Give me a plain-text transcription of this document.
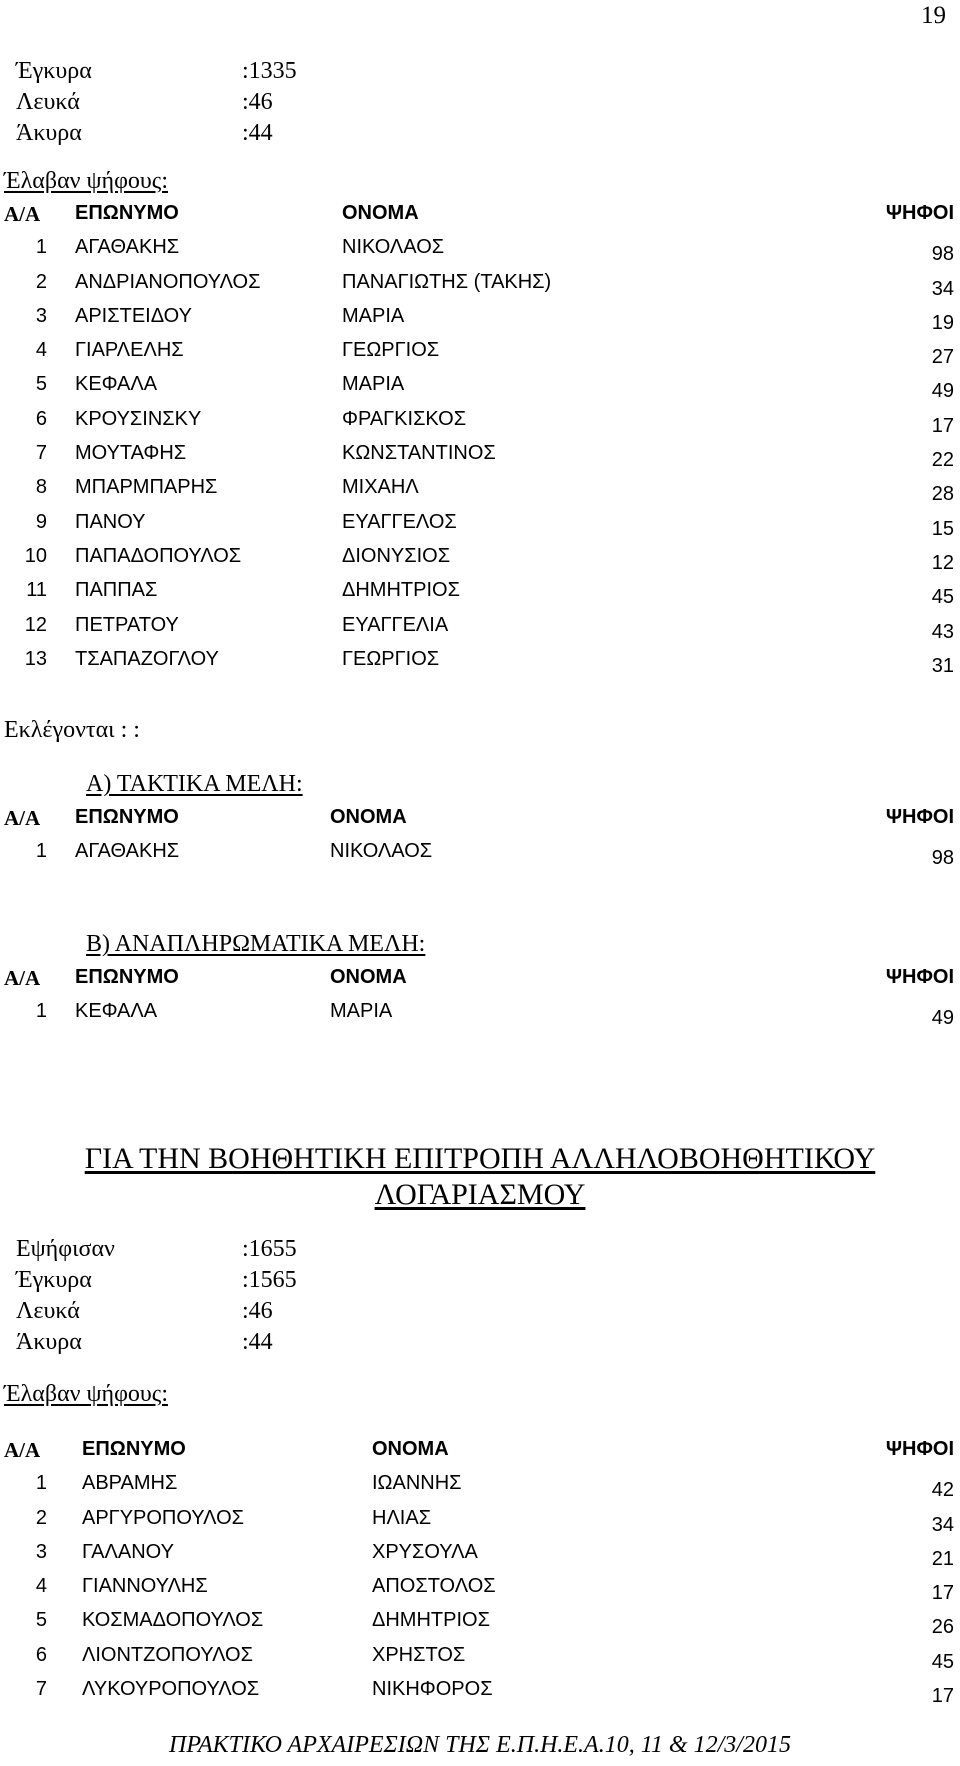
19
Έγκυρα	:1335
Λευκά	:46
Άκυρα	:44
Έλαβαν ψήφους:
Α/Α ΕΠΩΝΥΜΟ	ΟΝΟΜΑ	ΨΗΦΟΙ
1 ΑΓΑΘΑΚΗΣ	ΝΙΚΟΛΑΟΣ	98
2 ΑΝΔΡΙΑΝΟΠΟΥΛΟΣ	ΠΑΝΑΓΙΩΤΗΣ (ΤΑΚΗΣ)	34
3 ΑΡΙΣΤΕΙΔΟΥ	ΜΑΡΙΑ	19
4 ΓΙΑΡΛΕΛΗΣ	ΓΕΩΡΓΙΟΣ	27
5 ΚΕΦΑΛΑ	ΜΑΡΙΑ	49
6 ΚΡΟΥΣΙΝΣΚΥ	ΦΡΑΓΚΙΣΚΟΣ	17
7 ΜΟΥΤΑΦΗΣ	ΚΩΝΣΤΑΝΤΙΝΟΣ	22
8 ΜΠΑΡΜΠΑΡΗΣ	ΜΙΧΑΗΛ	28
9 ΠΑΝΟΥ	ΕΥΑΓΓΕΛΟΣ	15
10 ΠΑΠΑΔΟΠΟΥΛΟΣ	ΔΙΟΝΥΣΙΟΣ	12
11 ΠΑΠΠΑΣ	ΔΗΜΗΤΡΙΟΣ	45
12 ΠΕΤΡΑΤΟΥ	ΕΥΑΓΓΕΛΙΑ	43
13 ΤΣΑΠΑΖΟΓΛΟΥ	ΓΕΩΡΓΙΟΣ	31
Εκλέγονται : :
Α) ΤΑΚΤΙΚΑ ΜΕΛΗ:
Α/Α ΕΠΩΝΥΜΟ	ΟΝΟΜΑ	ΨΗΦΟΙ
1 ΑΓΑΘΑΚΗΣ	ΝΙΚΟΛΑΟΣ	98
Β) ΑΝΑΠΛΗΡΩΜΑΤΙΚΑ ΜΕΛΗ:
Α/Α ΕΠΩΝΥΜΟ	ΟΝΟΜΑ	ΨΗΦΟΙ
1 ΚΕΦΑΛΑ	ΜΑΡΙΑ	49
ΓΙΑ ΤΗΝ ΒΟΗΘΗΤΙΚΗ ΕΠΙΤΡΟΠΗ ΑΛΛΗΛΟΒΟΗΘΗΤΙΚΟΥ
ΛΟΓΑΡΙΑΣΜΟΥ
Εψήφισαν	:1655
Έγκυρα	:1565
Λευκά	:46
Άκυρα	:44
Έλαβαν ψήφους:
Α/Α ΕΠΩΝΥΜΟ	ΟΝΟΜΑ	ΨΗΦΟΙ
1 ΑΒΡΑΜΗΣ	ΙΩΑΝΝΗΣ	42
2 ΑΡΓΥΡΟΠΟΥΛΟΣ	ΗΛΙΑΣ	34
3 ΓΑΛΑΝΟΥ	ΧΡΥΣΟΥΛΑ	21
4 ΓΙΑΝΝΟΥΛΗΣ	ΑΠΟΣΤΟΛΟΣ	17
5 ΚΟΣΜΑΔΟΠΟΥΛΟΣ	ΔΗΜΗΤΡΙΟΣ	26
6 ΛΙΟΝΤΖΟΠΟΥΛΟΣ	ΧΡΗΣΤΟΣ	45
7 ΛΥΚΟΥΡΟΠΟΥΛΟΣ	ΝΙΚΗΦΟΡΟΣ	17
ΠΡΑΚΤΙΚΟ ΑΡΧΑΙΡΕΣΙΩΝ ΤΗΣ Ε.Π.Η.Ε.Α.10, 11 & 12/3/2015
